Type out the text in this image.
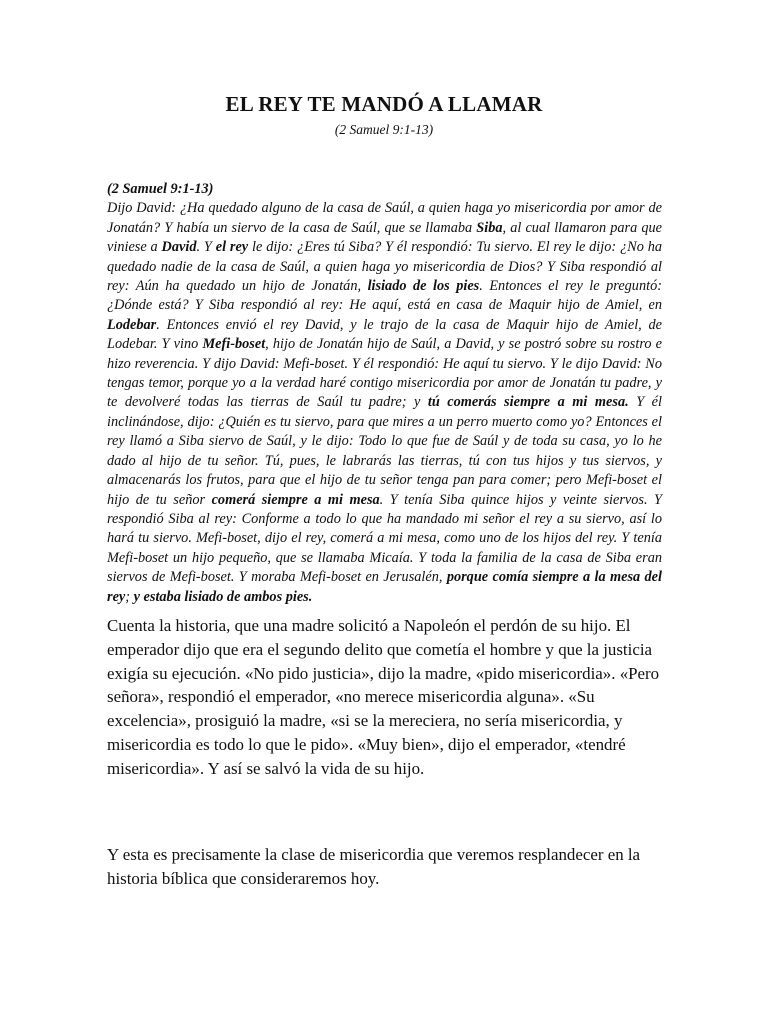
EL REY TE MANDÓ A LLAMAR

(2 Samuel 9:1-13)

(2 Samuel 9:1-13)
Dijo David: ¿Ha quedado alguno de la casa de Saúl, a quien haga yo misericordia por amor de Jonatán? Y había un siervo de la casa de Saúl, que se llamaba Siba, al cual llamaron para que viniese a David. Y el rey le dijo: ¿Eres tú Siba? Y él respondió: Tu siervo. El rey le dijo: ¿No ha quedado nadie de la casa de Saúl, a quien haga yo misericordia de Dios? Y Siba respondió al rey: Aún ha quedado un hijo de Jonatán, lisiado de los pies. Entonces el rey le preguntó: ¿Dónde está? Y Siba respondió al rey: He aquí, está en casa de Maquir hijo de Amiel, en Lodebar. Entonces envió el rey David, y le trajo de la casa de Maquir hijo de Amiel, de Lodebar. Y vino Mefi-boset, hijo de Jonatán hijo de Saúl, a David, y se postró sobre su rostro e hizo reverencia. Y dijo David: Mefi-boset. Y él respondió: He aquí tu siervo. Y le dijo David: No tengas temor, porque yo a la verdad haré contigo misericordia por amor de Jonatán tu padre, y te devolveré todas las tierras de Saúl tu padre; y tú comerás siempre a mi mesa. Y él inclinándose, dijo: ¿Quién es tu siervo, para que mires a un perro muerto como yo? Entonces el rey llamó a Siba siervo de Saúl, y le dijo: Todo lo que fue de Saúl y de toda su casa, yo lo he dado al hijo de tu señor. Tú, pues, le labrarás las tierras, tú con tus hijos y tus siervos, y almacenarás los frutos, para que el hijo de tu señor tenga pan para comer; pero Mefi-boset el hijo de tu señor comerá siempre a mi mesa. Y tenía Siba quince hijos y veinte siervos. Y respondió Siba al rey: Conforme a todo lo que ha mandado mi señor el rey a su siervo, así lo hará tu siervo. Mefi-boset, dijo el rey, comerá a mi mesa, como uno de los hijos del rey. Y tenía Mefi-boset un hijo pequeño, que se llamaba Micaía. Y toda la familia de la casa de Siba eran siervos de Mefi-boset. Y moraba Mefi-boset en Jerusalén, porque comía siempre a la mesa del rey; y estaba lisiado de ambos pies.

Cuenta la historia, que una madre solicitó a Napoleón el perdón de su hijo. El emperador dijo que era el segundo delito que cometía el hombre y que la justicia exigía su ejecución. «No pido justicia», dijo la madre, «pido misericordia». «Pero señora», respondió el emperador, «no merece misericordia alguna». «Su excelencia», prosiguió la madre, «si se la mereciera, no sería misericordia, y misericordia es todo lo que le pido». «Muy bien», dijo el emperador, «tendré misericordia». Y así se salvó la vida de su hijo.

Y esta es precisamente la clase de misericordia que veremos resplandecer en la historia bíblica que consideraremos hoy.
